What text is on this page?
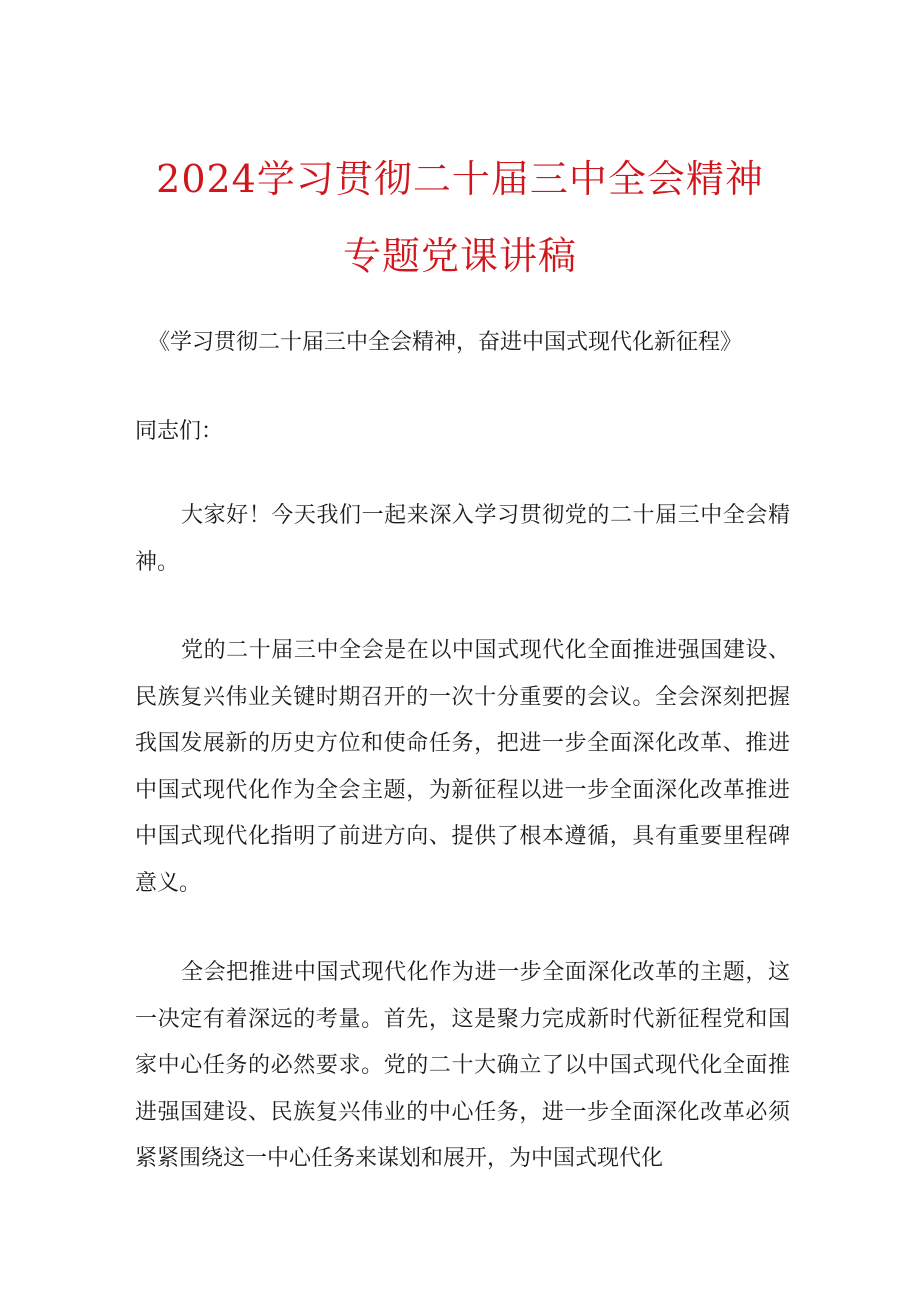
2024学习贯彻二十届三中全会精神
专题党课讲稿

《学习贯彻二十届三中全会精神，奋进中国式现代化新征程》

同志们：

大家好！今天我们一起来深入学习贯彻党的二十届三中全会精神。

党的二十届三中全会是在以中国式现代化全面推进强国建设、民族复兴伟业关键时期召开的一次十分重要的会议。全会深刻把握我国发展新的历史方位和使命任务，把进一步全面深化改革、推进中国式现代化作为全会主题，为新征程以进一步全面深化改革推进中国式现代化指明了前进方向、提供了根本遵循，具有重要里程碑意义。

全会把推进中国式现代化作为进一步全面深化改革的主题，这一决定有着深远的考量。首先，这是聚力完成新时代新征程党和国家中心任务的必然要求。党的二十大确立了以中国式现代化全面推进强国建设、民族复兴伟业的中心任务，进一步全面深化改革必须紧紧围绕这一中心任务来谋划和展开，为中国式现代化
